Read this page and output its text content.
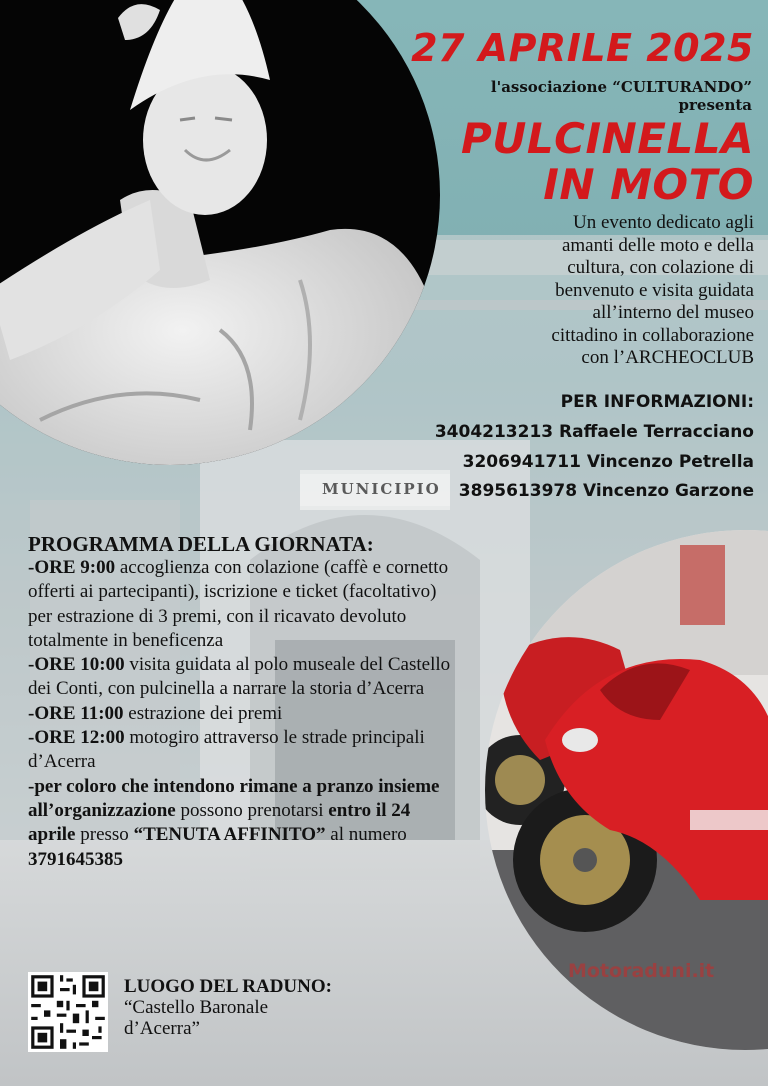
27 APRILE 2025
l'associazione “CULTURANDO”
presenta
PULCINELLA
IN MOTO
Un evento dedicato agli
amanti delle moto e della
cultura, con colazione di
benvenuto e visita guidata
all’interno del museo
cittadino in collaborazione
con l’ARCHEOCLUB
PER INFORMAZIONI:
3404213213 Raffaele Terracciano
3206941711 Vincenzo Petrella
3895613978 Vincenzo Garzone
MUNICIPIO
PROGRAMMA DELLA GIORNATA:

-ORE 9:00 accoglienza con colazione (caffè e cornetto offerti ai partecipanti), iscrizione e ticket (facoltativo) per estrazione di 3 premi, con il ricavato devoluto totalmente in beneficenza

-ORE 10:00 visita guidata al polo museale del Castello dei Conti, con pulcinella a narrare la storia d’Acerra

-ORE 11:00 estrazione dei premi

-ORE 12:00 motogiro attraverso le strade principali d’Acerra

-per coloro che intendono rimane a pranzo insieme all’organizzazione possono prenotarsi entro il 24 aprile presso “TENUTA AFFINITO” al numero 3791645385

LUOGO DEL RADUNO:
“Castello Baronale
d’Acerra”
Motoraduni.it
